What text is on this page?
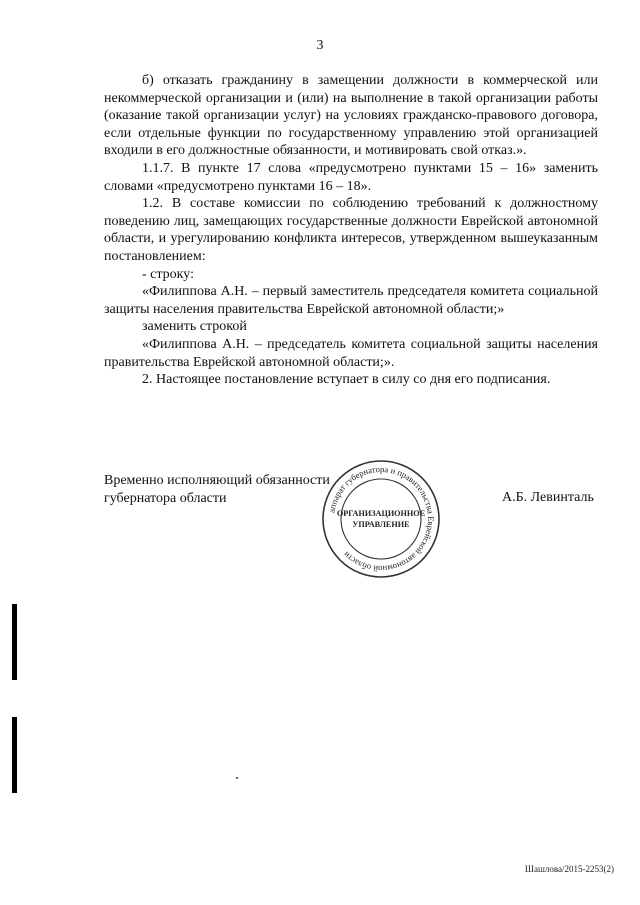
3

б) отказать гражданину в замещении должности в коммерческой или некоммерческой организации и (или) на выполнение в такой организации работы (оказание такой организации услуг) на условиях гражданско-правового договора, если отдельные функции по государственному управлению этой организацией входили в его должностные обязанности, и мотивировать свой отказ.».

1.1.7. В пункте 17 слова «предусмотрено пунктами 15 – 16» заменить словами «предусмотрено пунктами 16 – 18».

1.2. В составе комиссии по соблюдению требований к должностному поведению лиц, замещающих государственные должности Еврейской автономной области, и урегулированию конфликта интересов, утвержденном вышеуказанным постановлением:

- строку:

«Филиппова А.Н. – первый заместитель председателя комитета социальной защиты населения правительства Еврейской автономной области;»

заменить строкой

«Филиппова А.Н. – председатель комитета социальной защиты населения правительства Еврейской автономной области;».

2. Настоящее постановление вступает в силу со дня его подписания.

Временно исполняющий обязанности
губернатора области	А.Б. Левинталь
аппарат губернатора и правительства Еврейской автономной области
ОРГАНИЗАЦИОННОЕ
УПРАВЛЕНИЕ
Шашлова/2015-2253(2)
